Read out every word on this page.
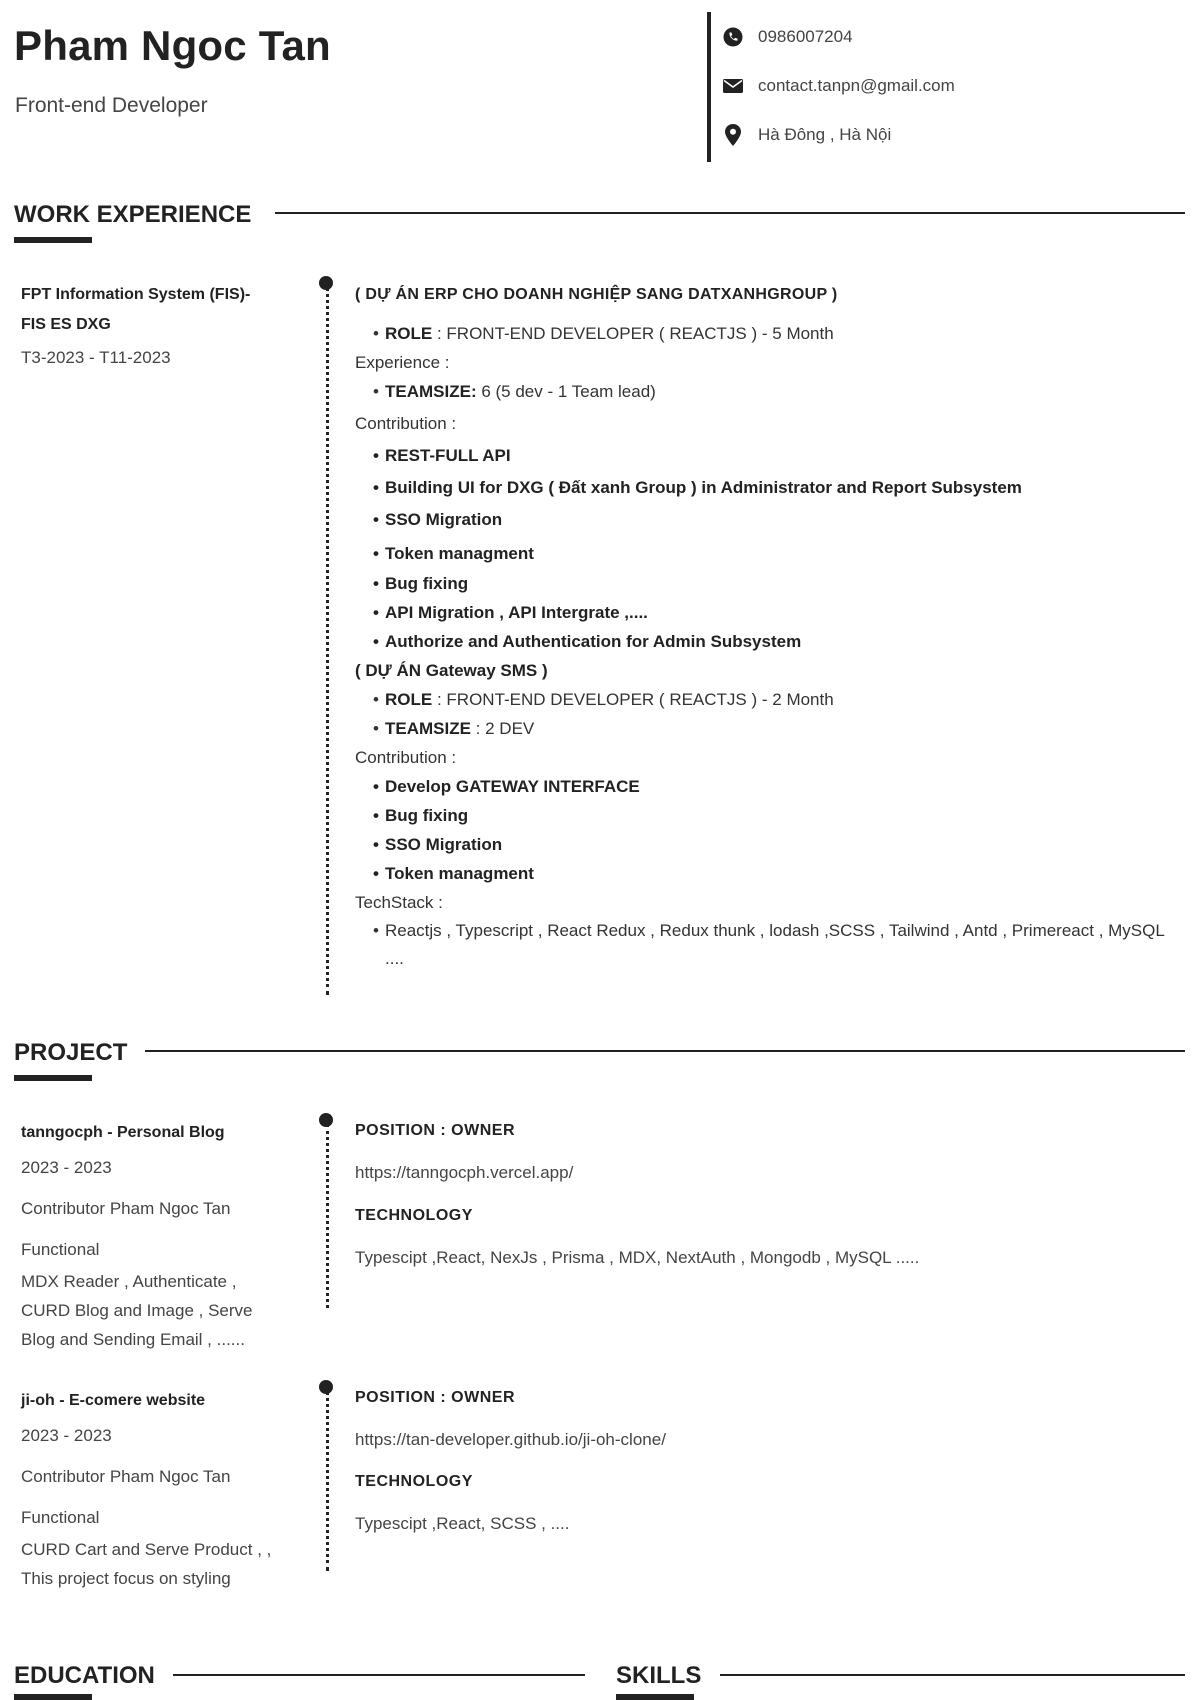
Pham Ngoc Tan
Front-end Developer
0986007204
contact.tanpn@gmail.com
Hà Đông , Hà Nội
WORK EXPERIENCE
FPT Information System (FIS)-
FIS ES DXG
T3-2023 - T11-2023
( DỰ ÁN ERP CHO DOANH NGHIỆP SANG DATXANHGROUP )
• ROLE : FRONT-END DEVELOPER ( REACTJS ) - 5 Month
Experience :
• TEAMSIZE: 6 (5 dev - 1 Team lead)
Contribution :
• REST-FULL API
• Building UI for DXG ( Đất xanh Group ) in Administrator and Report Subsystem
• SSO Migration
• Token managment
• Bug fixing
• API Migration , API Intergrate ,....
• Authorize and Authentication for Admin Subsystem
( DỰ ÁN Gateway SMS )
• ROLE : FRONT-END DEVELOPER ( REACTJS ) - 2 Month
• TEAMSIZE : 2 DEV
Contribution :
• Develop GATEWAY INTERFACE
• Bug fixing
• SSO Migration
• Token managment
TechStack :
• Reactjs , Typescript , React Redux , Redux thunk , lodash ,SCSS , Tailwind , Antd , Primereact , MySQL ....
PROJECT
tanngocph - Personal Blog
2023 - 2023
Contributor Pham Ngoc Tan
Functional
MDX Reader , Authenticate , CURD Blog and Image , Serve Blog and Sending Email , ......
POSITION : OWNER
https://tanngocph.vercel.app/
TECHNOLOGY
Typescipt ,React, NexJs , Prisma , MDX, NextAuth , Mongodb , MySQL .....
ji-oh - E-comere website
2023 - 2023
Contributor Pham Ngoc Tan
Functional
CURD Cart and Serve Product , , This project focus on styling
POSITION : OWNER
https://tan-developer.github.io/ji-oh-clone/
TECHNOLOGY
Typescipt ,React, SCSS , ....
EDUCATION	SKILLS
